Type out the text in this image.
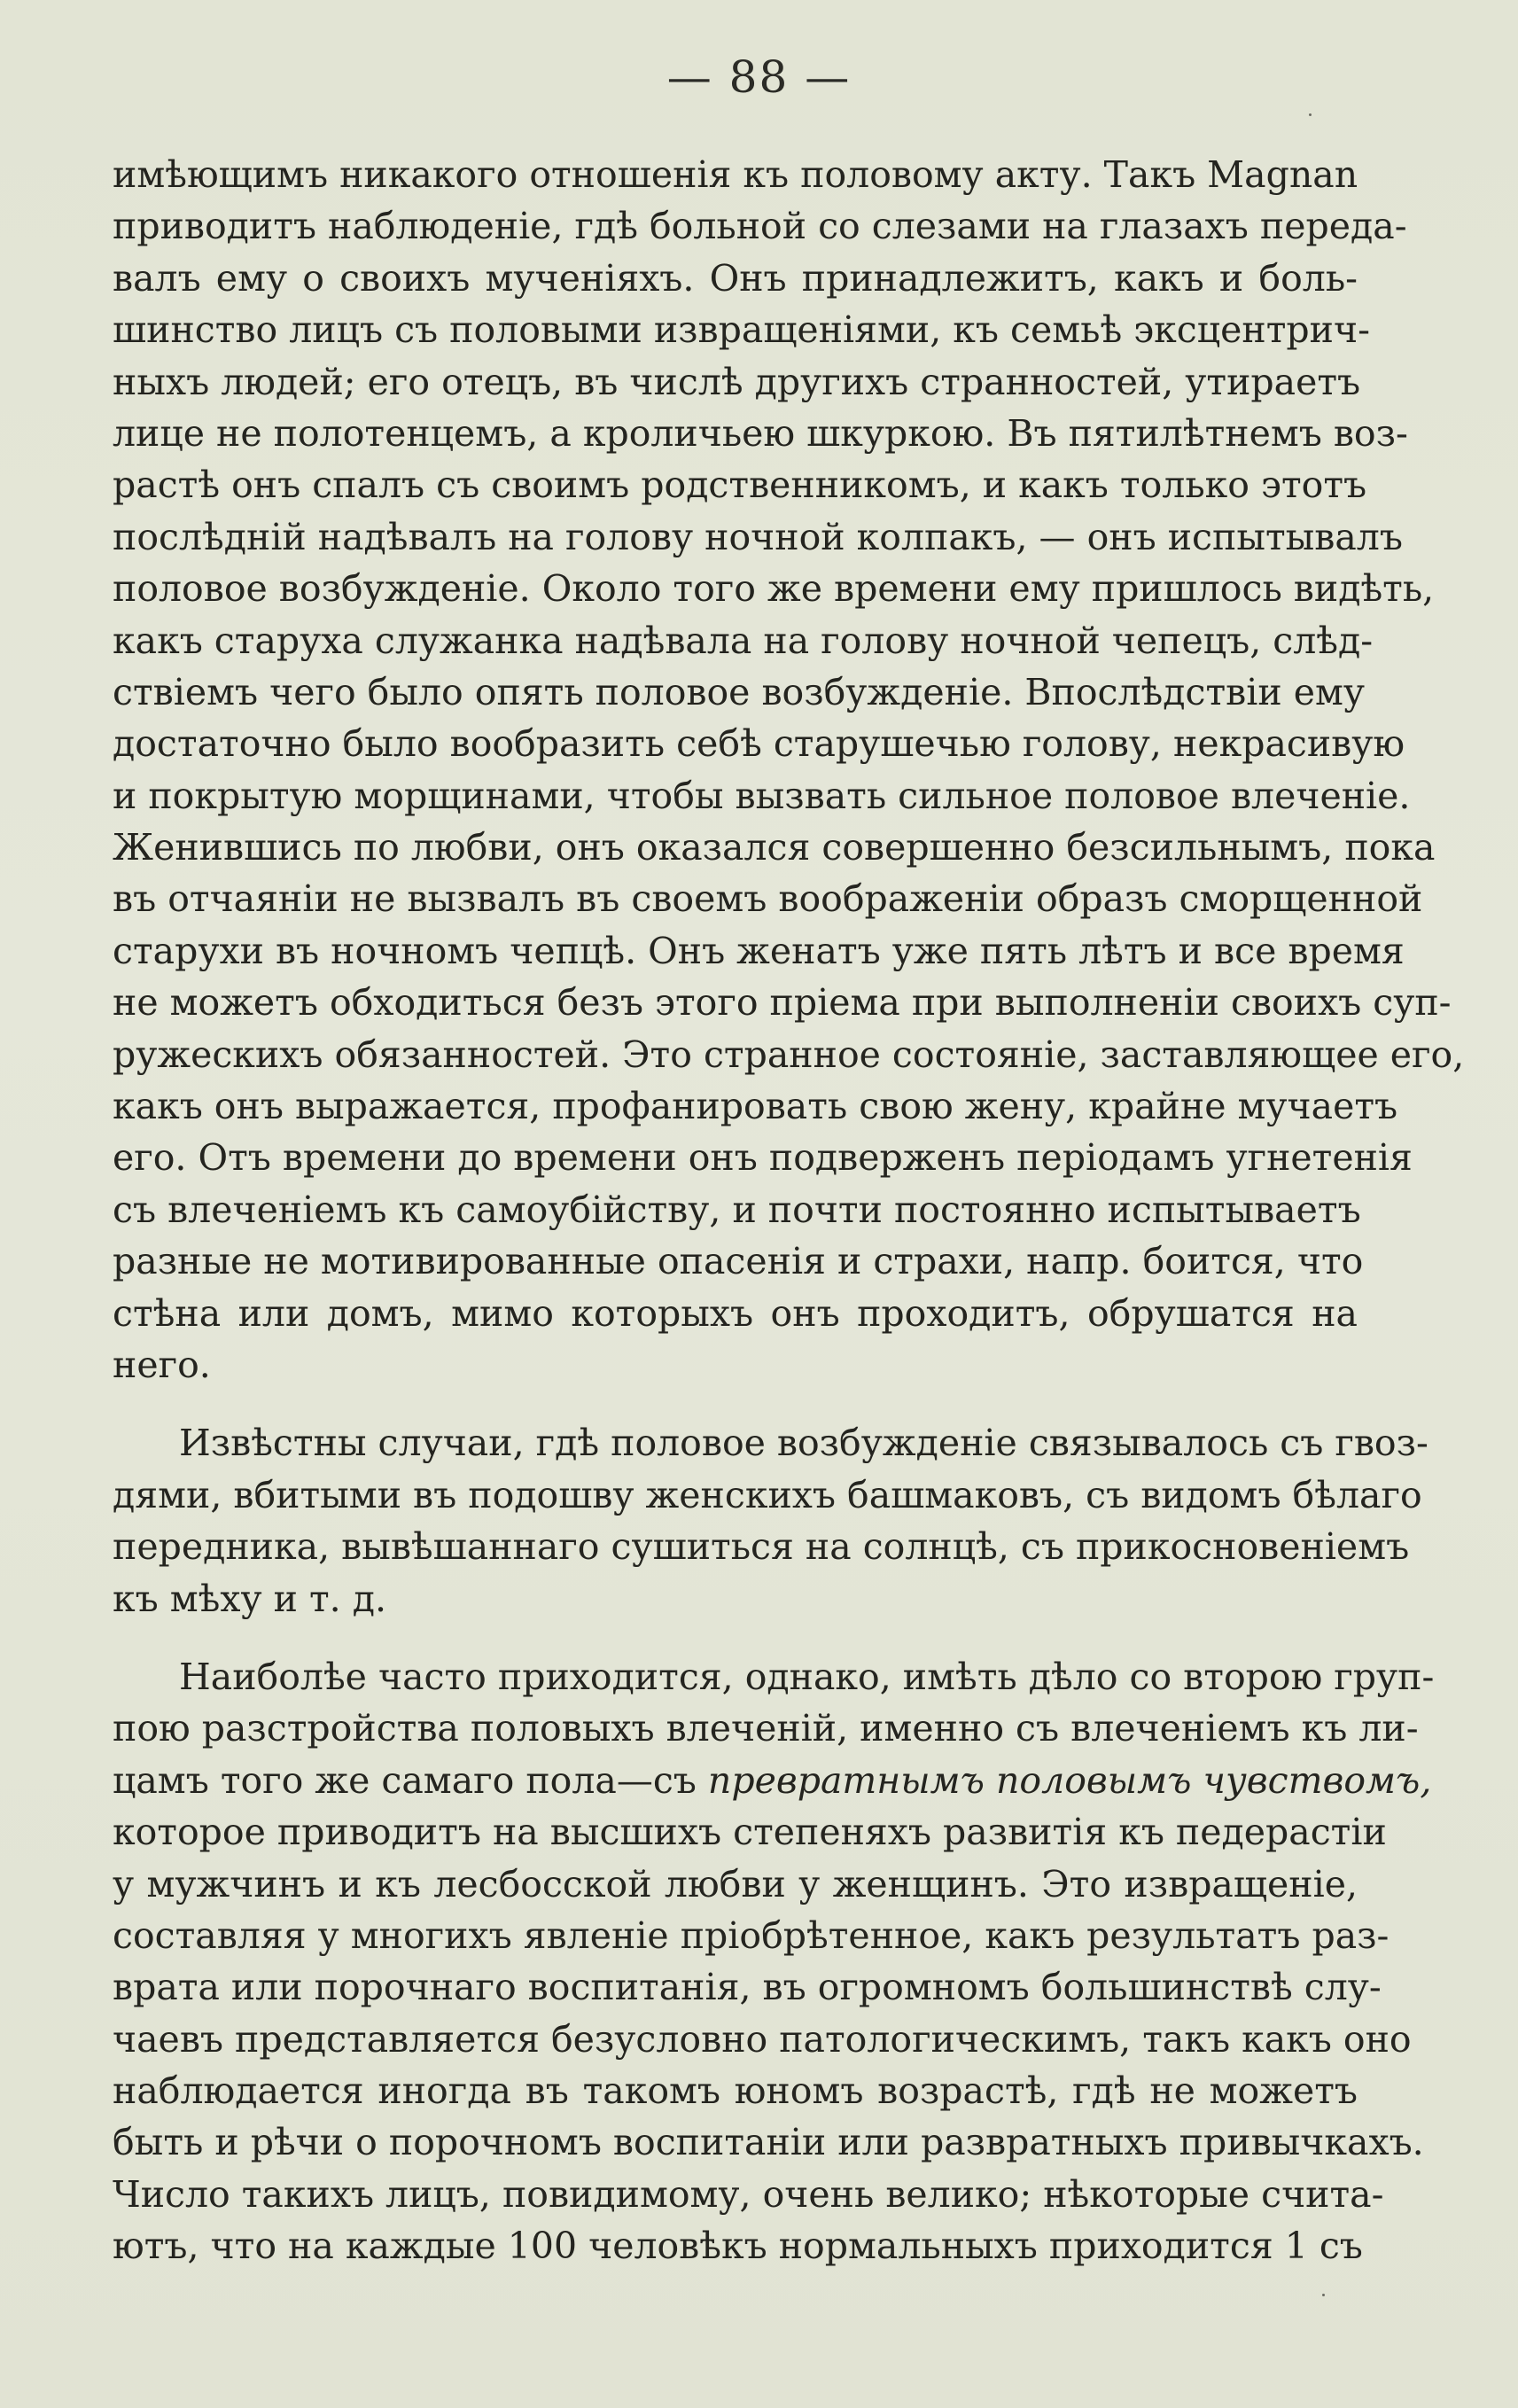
— 88 —
имѣющимъ никакого отношенія къ половому акту. Такъ Magnan
приводитъ наблюденіе, гдѣ больной со слезами на глазахъ переда-
валъ ему о своихъ мученіяхъ. Онъ принадлежитъ, какъ и боль-
шинство лицъ съ половыми извращеніями, къ семьѣ эксцентрич-
ныхъ людей; его отецъ, въ числѣ другихъ странностей, утираетъ
лице не полотенцемъ, а кроличьею шкуркою. Въ пятилѣтнемъ воз-
растѣ онъ спалъ съ своимъ родственникомъ, и какъ только этотъ
послѣдній надѣвалъ на голову ночной колпакъ, — онъ испытывалъ
половое возбужденіе. Около того же времени ему пришлось видѣть,
какъ старуха служанка надѣвала на голову ночной чепецъ, слѣд-
ствіемъ чего было опять половое возбужденіе. Впослѣдствіи ему
достаточно было вообразить себѣ старушечью голову, некрасивую
и покрытую морщинами, чтобы вызвать сильное половое влеченіе.
Женившись по любви, онъ оказался совершенно безсильнымъ, пока
въ отчаяніи не вызвалъ въ своемъ воображеніи образъ сморщенной
старухи въ ночномъ чепцѣ. Онъ женатъ уже пять лѣтъ и все время
не можетъ обходиться безъ этого пріема при выполненіи своихъ суп-
ружескихъ обязанностей. Это странное состояніе, заставляющее его,
какъ онъ выражается, профанировать свою жену, крайне мучаетъ
его. Отъ времени до времени онъ подверженъ періодамъ угнетенія
съ влеченіемъ къ самоубійству, и почти постоянно испытываетъ
разные не мотивированные опасенія и страхи, напр. боится, что
стѣна или домъ, мимо которыхъ онъ проходитъ, обрушатся на
него.
Извѣстны случаи, гдѣ половое возбужденіе связывалось съ гвоз-
дями, вбитыми въ подошву женскихъ башмаковъ, съ видомъ бѣлаго
передника, вывѣшаннаго сушиться на солнцѣ, съ прикосновеніемъ
къ мѣху и т. д.
Наиболѣе часто приходится, однако, имѣть дѣло со второю груп-
пою разстройства половыхъ влеченій, именно съ влеченіемъ къ ли-
цамъ того же самаго пола—съ превратнымъ половымъ чувствомъ,
которое приводитъ на высшихъ степеняхъ развитія къ педерастіи
у мужчинъ и къ лесбосской любви у женщинъ. Это извращеніе,
составляя у многихъ явленіе пріобрѣтенное, какъ результатъ раз-
врата или порочнаго воспитанія, въ огромномъ большинствѣ слу-
чаевъ представляется безусловно патологическимъ, такъ какъ оно
наблюдается иногда въ такомъ юномъ возрастѣ, гдѣ не можетъ
быть и рѣчи о порочномъ воспитаніи или развратныхъ привычкахъ.
Число такихъ лицъ, повидимому, очень велико; нѣкоторые счита-
ютъ, что на каждые 100 человѣкъ нормальныхъ приходится 1 съ
